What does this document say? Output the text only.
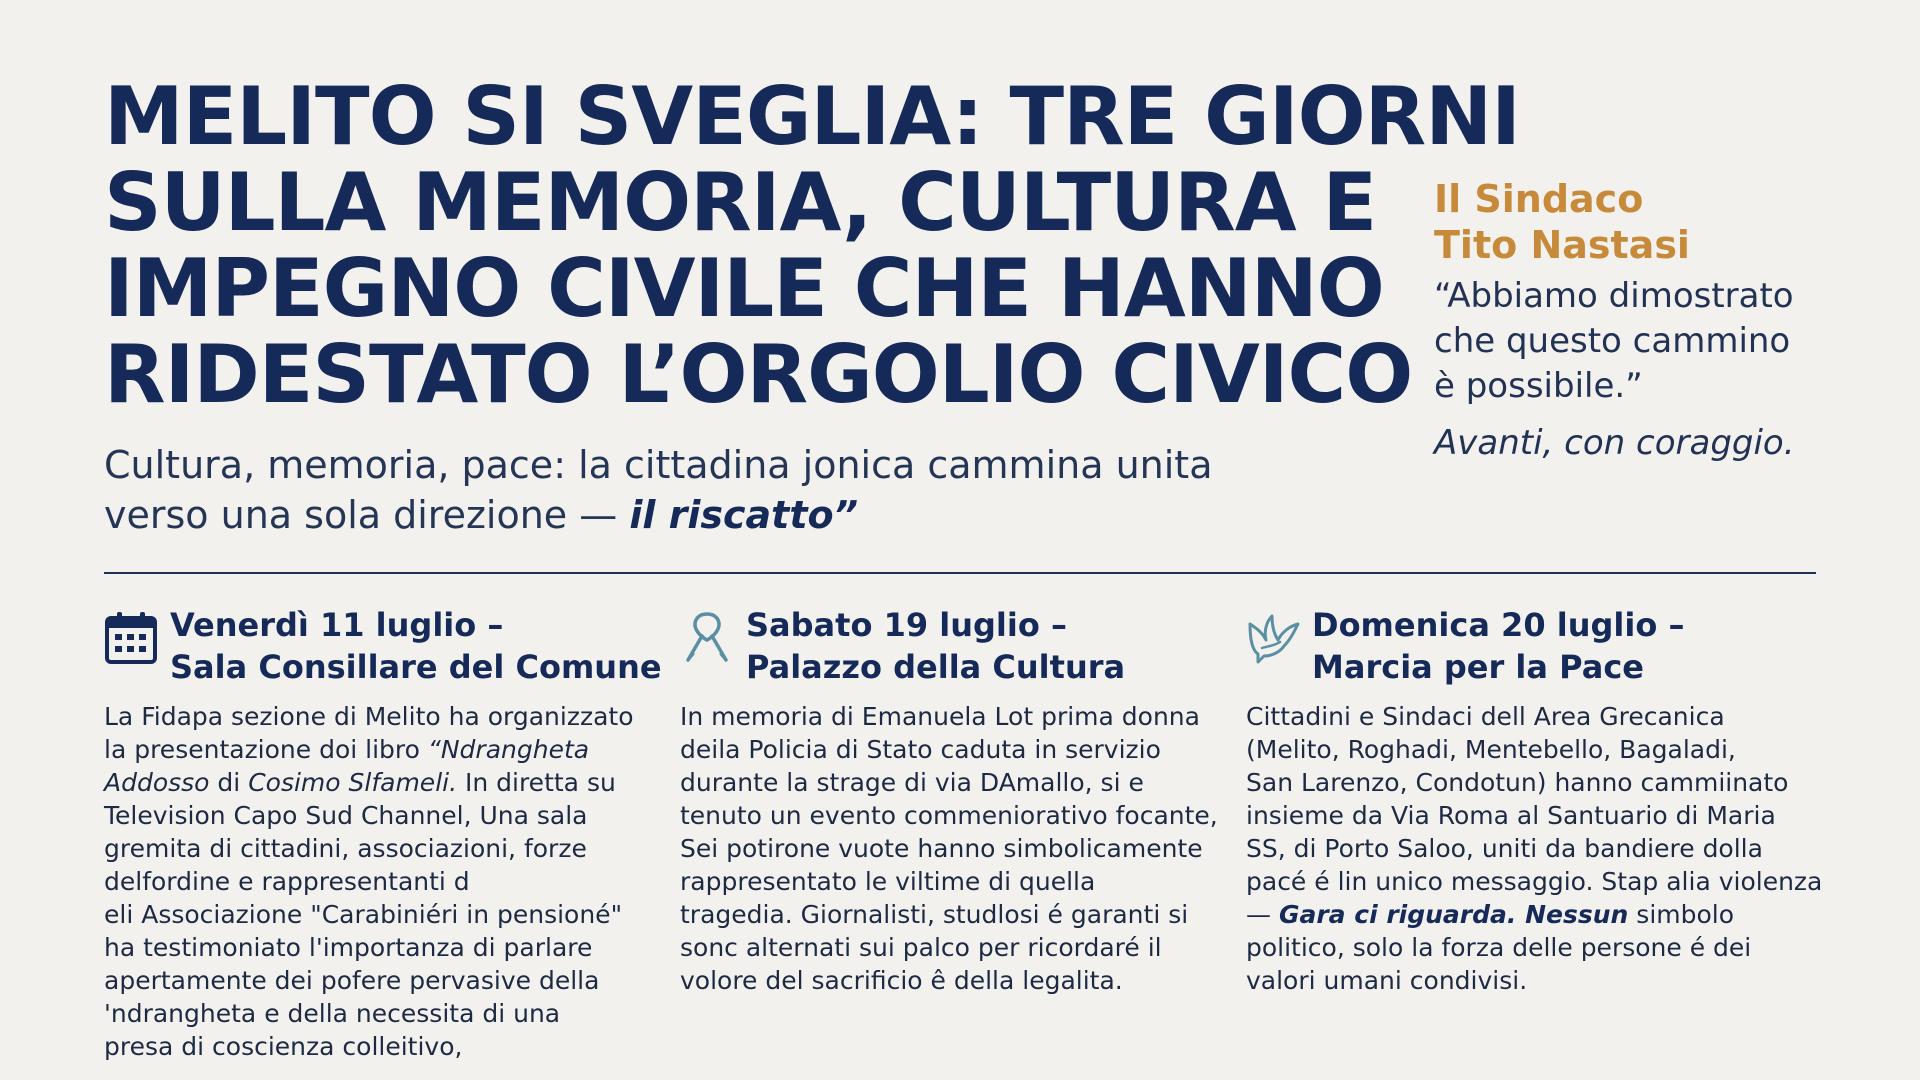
MELITO SI SVEGLIA: TRE GIORNI
SULLA MEMORIA, CULTURA E
IMPEGNO CIVILE CHE HANNO
RIDESTATO L’ORGOLIO CIVICO
Cultura, memoria, pace: la cittadina jonica cammina unita
verso una sola direzione — il riscatto”
Il Sindaco
Tito Nastasi
“Abbiamo dimostrato
che questo cammino
è possibile.”
Avanti, con coraggio.
Venerdì 11 luglio –
Sala Consillare del Comune
La Fidapa sezione di Melito ha organizzato
la presentazione doi libro “Ndrangheta
Addosso di Cosimo Slfameli. In diretta su
Television Capo Sud Channel, Una sala
gremita di cittadini, associazioni, forze
delfordine e rappresentanti d
eli Associazione "Carabiniéri in pensioné"
ha testimoniato l'importanza di parlare
apertamente dei pofere pervasive della
'ndrangheta e della necessita di una
presa di coscienza colleitivo,
Sabato 19 luglio –
Palazzo della Cultura
In memoria di Emanuela Lot prima donna
deila Policia di Stato caduta in servizio
durante la strage di via DAmallo, si e
tenuto un evento commeniorativo focante,
Sei potirone vuote hanno simbolicamente
rappresentato le viltime di quella
tragedia. Giornalisti, studlosi é garanti si
sonc alternati sui palco per ricordaré il
volore del sacrificio ê della legalita.
Domenica 20 luglio –
Marcia per la Pace
Cittadini e Sindaci dell Area Grecanica
(Melito, Roghadi, Mentebello, Bagaladi,
San Larenzo, Condotun) hanno cammiinato
insieme da Via Roma al Santuario di Maria
SS, di Porto Saloo, uniti da bandiere dolla
pacé é lin unico messaggio. Stap alia violenza
— Gara ci riguarda. Nessun simbolo
politico, solo la forza delle persone é dei
valori umani condivisi.
